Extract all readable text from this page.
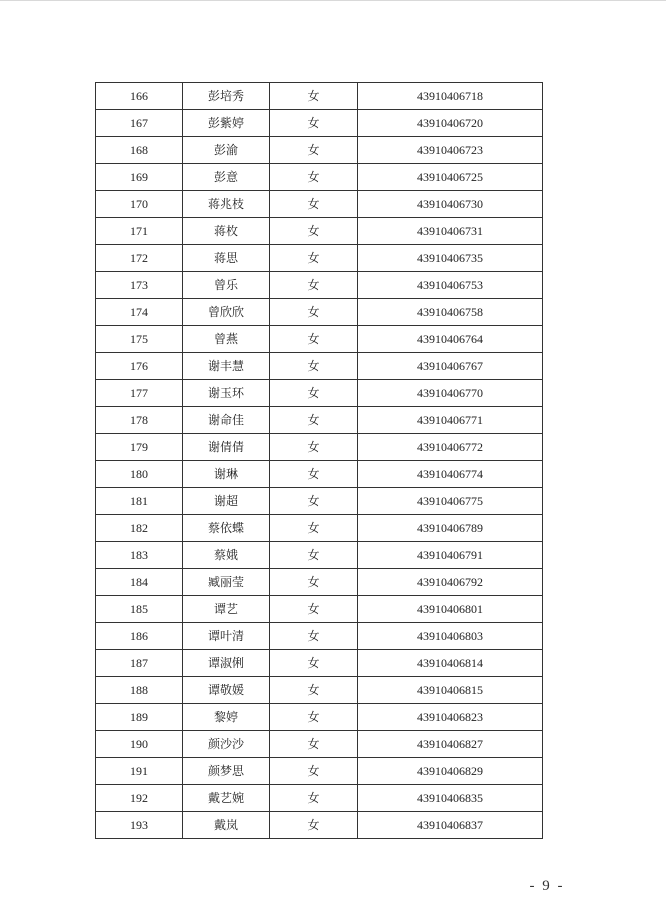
166	彭培秀	女	43910406718
167	彭紫婷	女	43910406720
168	彭渝	女	43910406723
169	彭意	女	43910406725
170	蒋兆枝	女	43910406730
171	蒋枚	女	43910406731
172	蒋思	女	43910406735
173	曾乐	女	43910406753
174	曾欣欣	女	43910406758
175	曾燕	女	43910406764
176	谢丰慧	女	43910406767
177	谢玉环	女	43910406770
178	谢命佳	女	43910406771
179	谢倩倩	女	43910406772
180	谢琳	女	43910406774
181	谢超	女	43910406775
182	蔡依蝶	女	43910406789
183	蔡娥	女	43910406791
184	臧丽莹	女	43910406792
185	谭艺	女	43910406801
186	谭叶清	女	43910406803
187	谭淑俐	女	43910406814
188	谭敬媛	女	43910406815
189	黎婷	女	43910406823
190	颜沙沙	女	43910406827
191	颜梦思	女	43910406829
192	戴艺婉	女	43910406835
193	戴岚	女	43910406837
- 9 -
